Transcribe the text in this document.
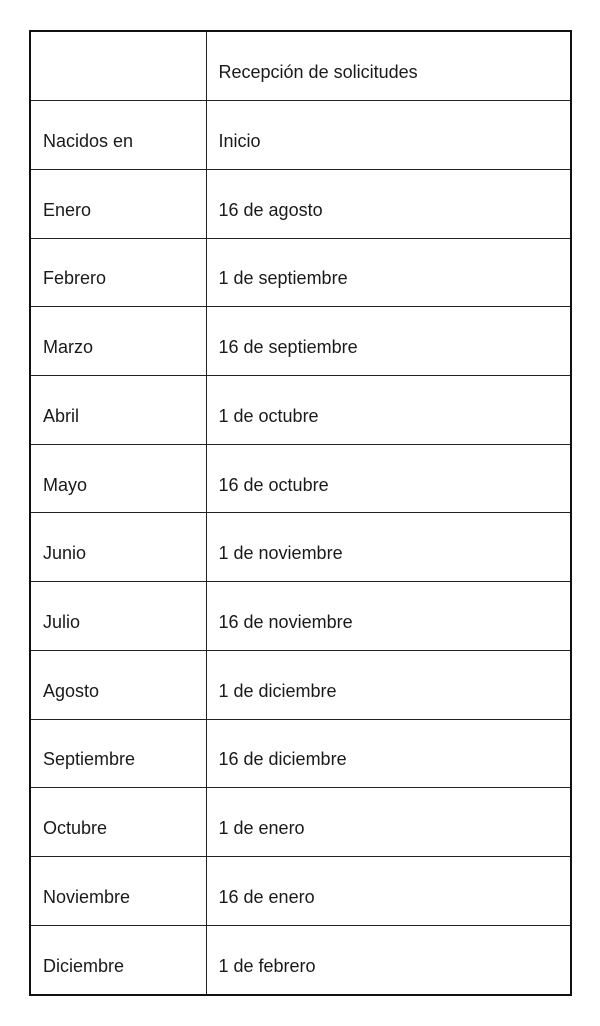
	Recepción de solicitudes
Nacidos en	Inicio
Enero	16 de agosto
Febrero	1 de septiembre
Marzo	16 de septiembre
Abril	1 de octubre
Mayo	16 de octubre
Junio	1 de noviembre
Julio	16 de noviembre
Agosto	1 de diciembre
Septiembre	16 de diciembre
Octubre	1 de enero
Noviembre	16 de enero
Diciembre	1 de febrero
